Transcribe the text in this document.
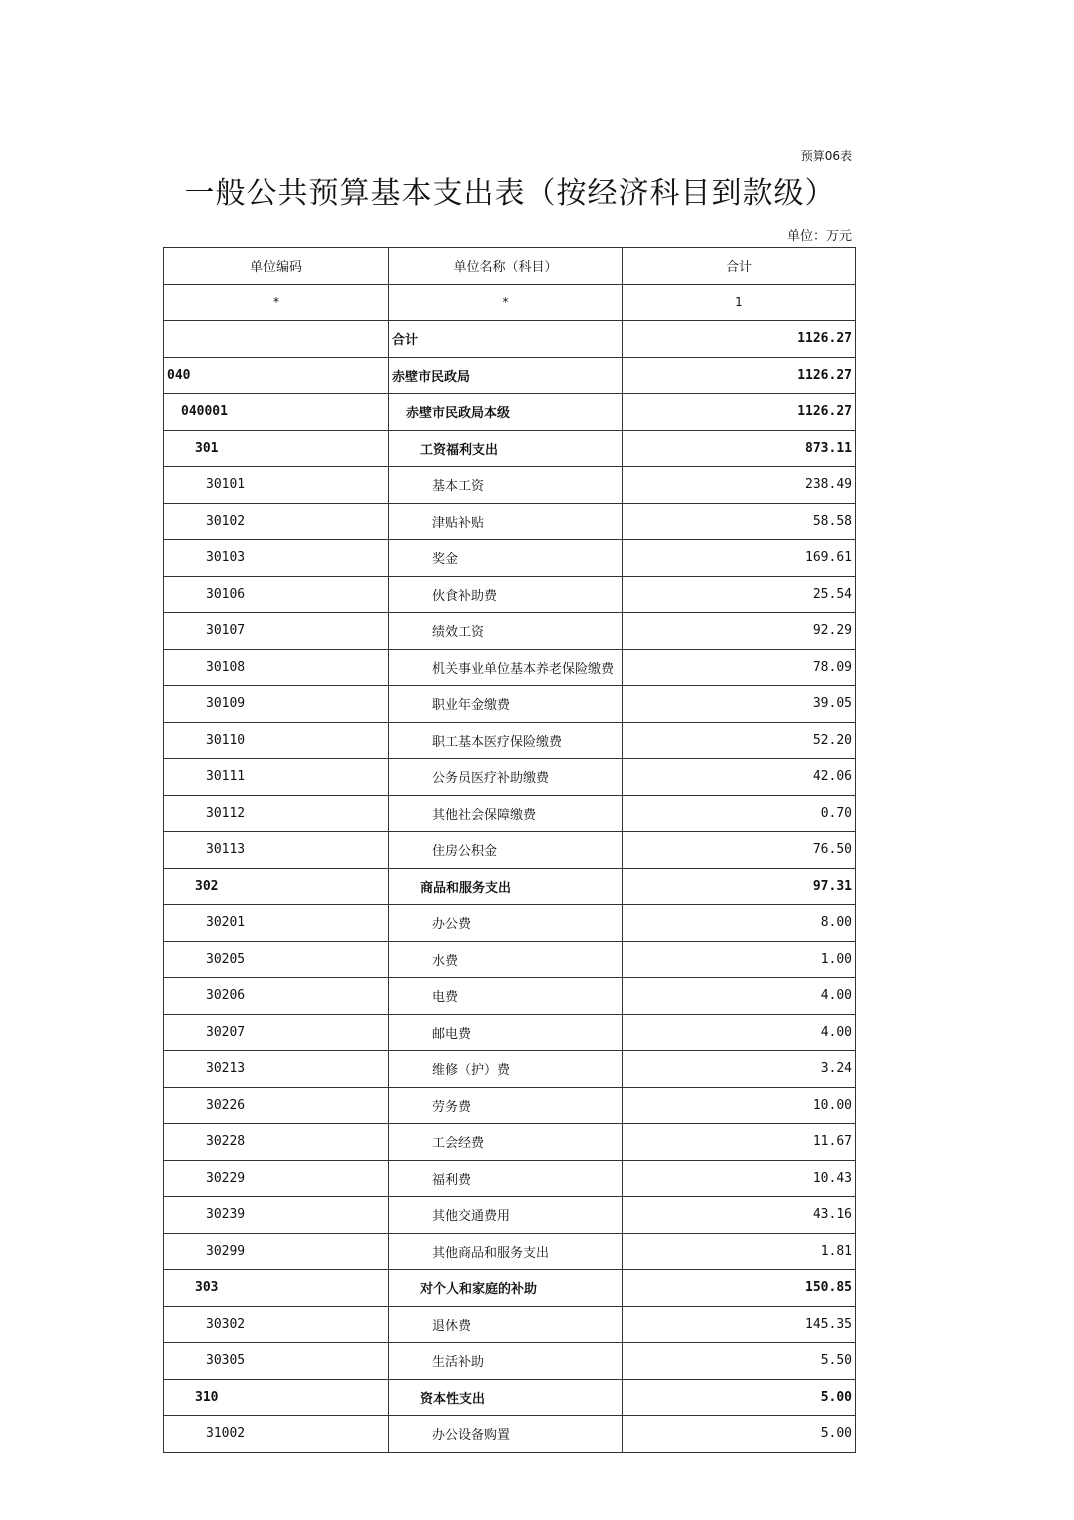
预算06表
一般公共预算基本支出表（按经济科目到款级）
单位：万元
单位编码	单位名称（科目）	合计
*	*	1
	合计	1126.27
040	赤壁市民政局	1126.27
040001	赤壁市民政局本级	1126.27
301	工资福利支出	873.11
30101	基本工资	238.49
30102	津贴补贴	58.58
30103	奖金	169.61
30106	伙食补助费	25.54
30107	绩效工资	92.29
30108	机关事业单位基本养老保险缴费	78.09
30109	职业年金缴费	39.05
30110	职工基本医疗保险缴费	52.20
30111	公务员医疗补助缴费	42.06
30112	其他社会保障缴费	0.70
30113	住房公积金	76.50
302	商品和服务支出	97.31
30201	办公费	8.00
30205	水费	1.00
30206	电费	4.00
30207	邮电费	4.00
30213	维修（护）费	3.24
30226	劳务费	10.00
30228	工会经费	11.67
30229	福利费	10.43
30239	其他交通费用	43.16
30299	其他商品和服务支出	1.81
303	对个人和家庭的补助	150.85
30302	退休费	145.35
30305	生活补助	5.50
310	资本性支出	5.00
31002	办公设备购置	5.00
